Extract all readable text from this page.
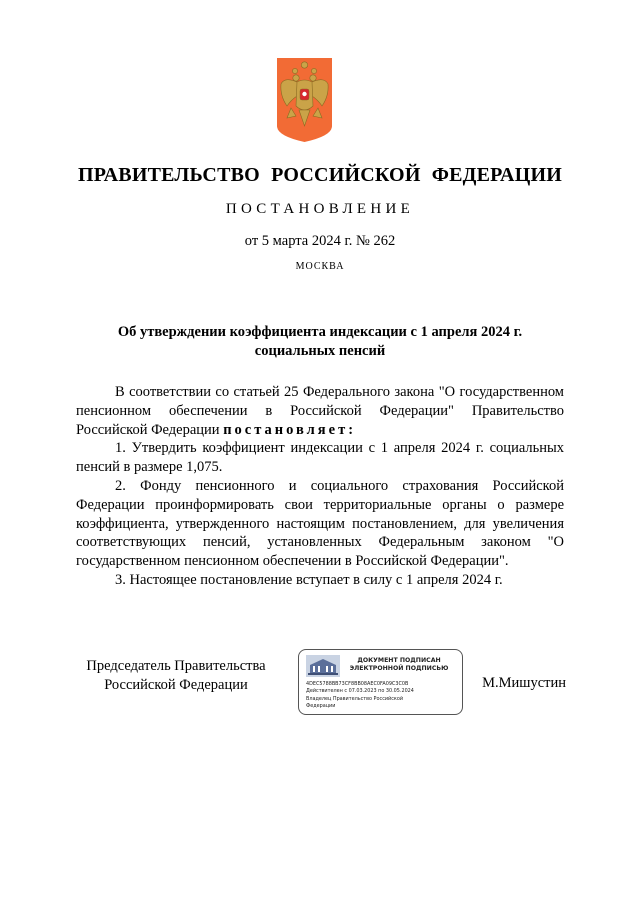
ПРАВИТЕЛЬСТВО РОССИЙСКОЙ ФЕДЕРАЦИИ
ПОСТАНОВЛЕНИЕ
от 5 марта 2024 г. № 262
МОСКВА
Об утверждении коэффициента индексации с 1 апреля 2024 г.
социальных пенсий

В соответствии со статьей 25 Федерального закона "О государственном пенсионном обеспечении в Российской Федерации" Правительство Российской Федерации постановляет:

1. Утвердить коэффициент индексации с 1 апреля 2024 г. социальных пенсий в размере 1,075.

2. Фонду пенсионного и социального страхования Российской Федерации проинформировать свои территориальные органы о размере коэффициента, утвержденного настоящим постановлением, для увеличения соответствующих пенсий, установленных Федеральным законом "О государственном пенсионном обеспечении в Российской Федерации".

3. Настоящее постановление вступает в силу с 1 апреля 2024 г.

Председатель Правительства
Российской Федерации
ДОКУМЕНТ ПОДПИСАН
ЭЛЕКТРОННОЙ ПОДПИСЬЮ
4DEC5788BB73CF8BB08AEC0FA09C3C0B
Действителен с 07.03.2023 по 30.05.2024
Владелец Правительство Российской
Федерации
М.Мишустин
